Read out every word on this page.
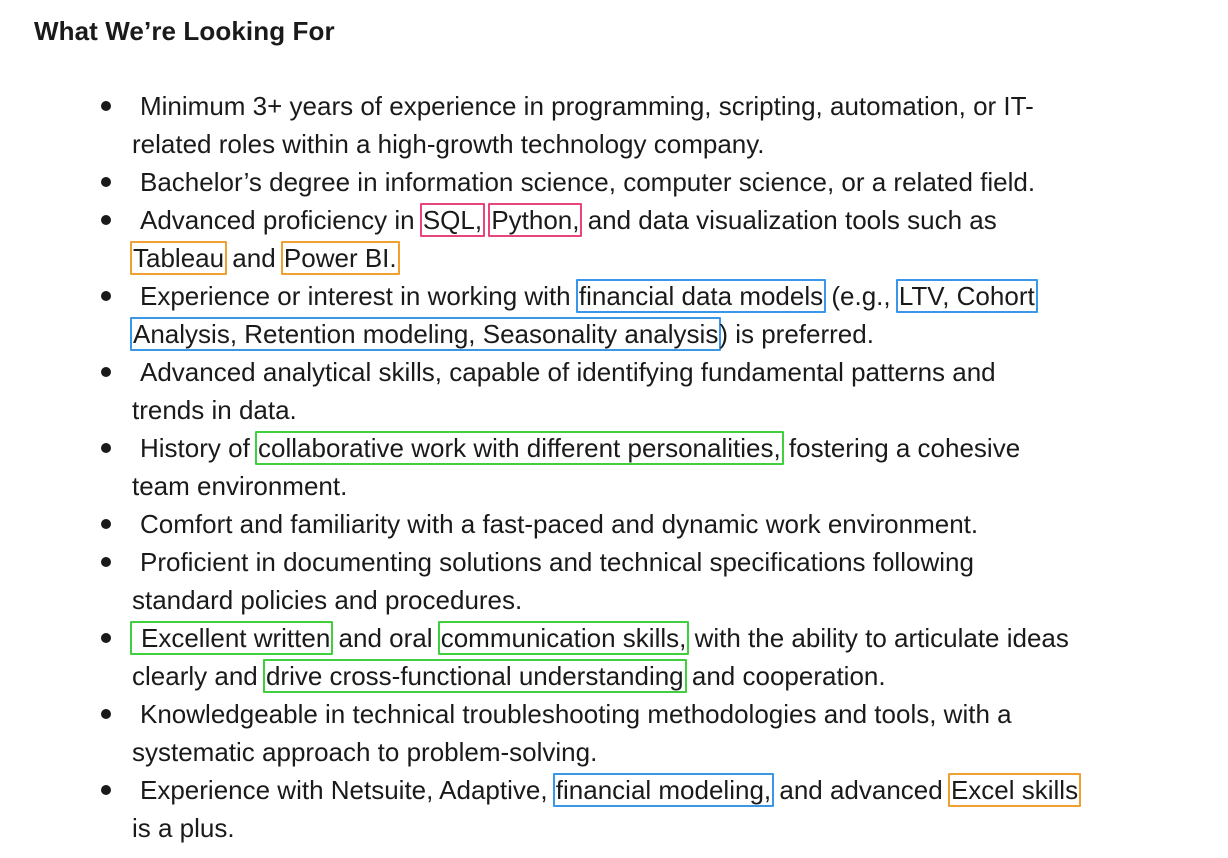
What We’re Looking For
Minimum 3+ years of experience in programming, scripting, automation, or IT-
related roles within a high-growth technology company.
Bachelor’s degree in information science, computer science, or a related field.
Advanced proficiency in SQL, Python, and data visualization tools such as
Tableau and Power BI.
Experience or interest in working with financial data models (e.g., LTV, Cohort
Analysis, Retention modeling, Seasonality analysis) is preferred.
Advanced analytical skills, capable of identifying fundamental patterns and
trends in data.
History of collaborative work with different personalities, fostering a cohesive
team environment.
Comfort and familiarity with a fast-paced and dynamic work environment.
Proficient in documenting solutions and technical specifications following
standard policies and procedures.
Excellent written and oral communication skills, with the ability to articulate ideas
clearly and drive cross-functional understanding and cooperation.
Knowledgeable in technical troubleshooting methodologies and tools, with a
systematic approach to problem-solving.
Experience with Netsuite, Adaptive, financial modeling, and advanced Excel skills
is a plus.
